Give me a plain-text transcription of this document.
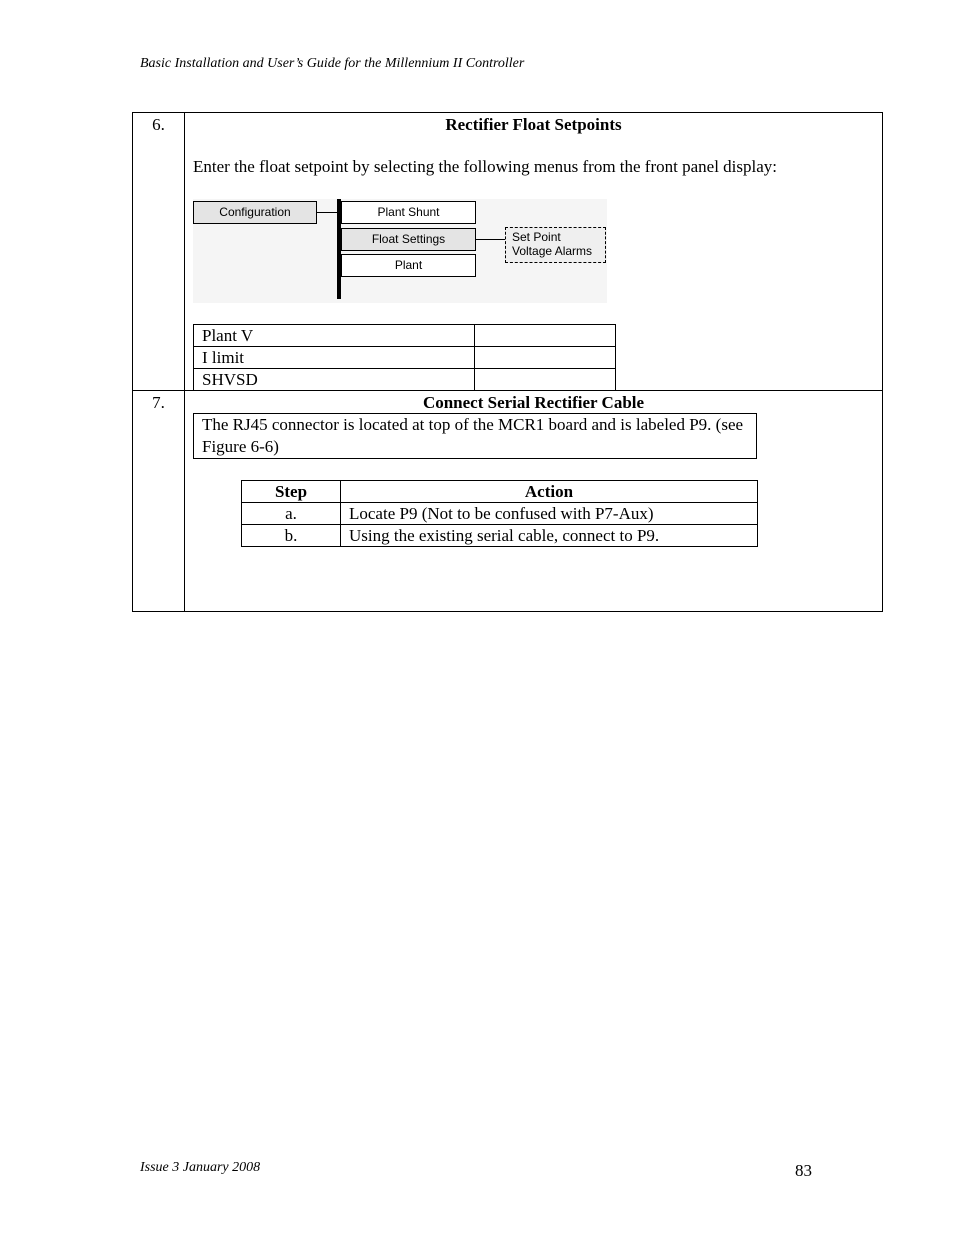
Basic Installation and User’s Guide for the Millennium II Controller
6.	Rectifier Float Setpoints
Enter the float setpoint by selecting the following menus from the front panel display:
Configuration	Plant Shunt
Float Settings
Plant
Set Point
Voltage Alarms
Plant V	
I limit	
SHVSD	
7.	Connect Serial Rectifier Cable
The RJ45 connector is located at top of the MCR1 board and is labeled P9. (see Figure 6-6)
Step	Action
a.	Locate P9 (Not to be confused with P7-Aux)
b.	Using the existing serial cable, connect to P9.
Issue 3 January 2008	83
